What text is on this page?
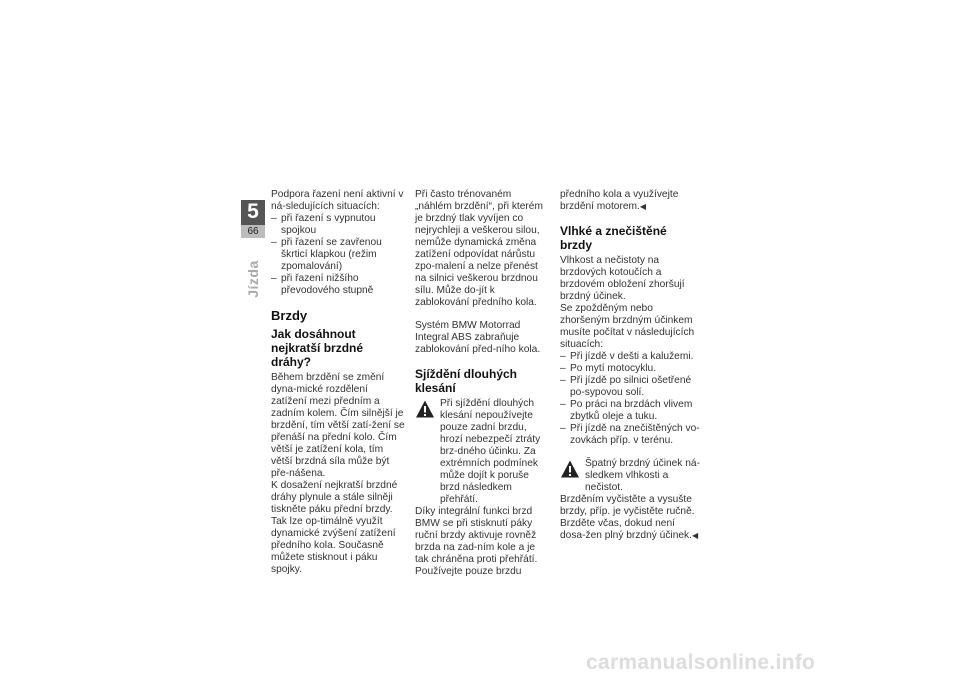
5
66
Jízda

Podpora řazení není aktivní v ná-sledujících situacích:

– při řazení s vypnutou spojkou
– při řazení se zavřenou škrticí klapkou (režim zpomalování)
– při řazení nižšího převodového stupně
Brzdy
Jak dosáhnout nejkratší brzdné dráhy?

Během brzdění se změní dyna-mické rozdělení zatížení mezi předním a zadním kolem. Čím silnější je brzdění, tím větší zatí-žení se přenáší na přední kolo. Čím větší je zatížení kola, tím větší brzdná síla může být pře-nášena.

K dosažení nejkratší brzdné dráhy plynule a stále silněji tiskněte páku přední brzdy. Tak lze op-timálně využít dynamické zvýšení zatížení předního kola. Současně můžete stisknout i páku spojky.

Při často trénovaném „náhlém brzdění“, při kterém je brzdný tlak vyvíjen co nejrychleji a veškerou silou, nemůže dynamická změna zatížení odpovídat nárůstu zpo-malení a nelze přenést na silnici veškerou brzdnou sílu. Může do-jít k zablokování předního kola.

Systém BMW Motorrad Integral ABS zabraňuje zablokování před-ního kola.

Sjíždění dlouhých klesání

Při sjíždění dlouhých klesání nepoužívejte pouze zadní brzdu, hrozí nebezpečí ztráty brz-dného účinku. Za extrémních podmínek může dojít k poruše brzd následkem přehřátí.

Díky integrální funkci brzd BMW se při stisknutí páky ruční brzdy aktivuje rovněž brzda na zad-ním kole a je tak chráněna proti přehřátí. Používejte pouze brzdu

předního kola a využívejte brzdění motorem.◀

Vlhké a znečištěné brzdy

Vlhkost a nečistoty na brzdových kotoučích a brzdovém obložení zhoršují brzdný účinek.

Se zpožděným nebo zhoršeným brzdným účinkem musíte počítat v následujících situacích:

– Při jízdě v dešti a kalužemi.
– Po mytí motocyklu.
– Při jízdě po silnici ošetřené po-sypovou solí.
– Po práci na brzdách vlivem zbytků oleje a tuku.
– Při jízdě na znečištěných vo-zovkách příp. v terénu.

Špatný brzdný účinek ná-sledkem vlhkosti a nečistot.

Brzděním vyčistěte a vysušte brzdy, příp. je vyčistěte ručně. Brzděte včas, dokud není dosa-žen plný brzdný účinek.◀

carmanualsonline.info
